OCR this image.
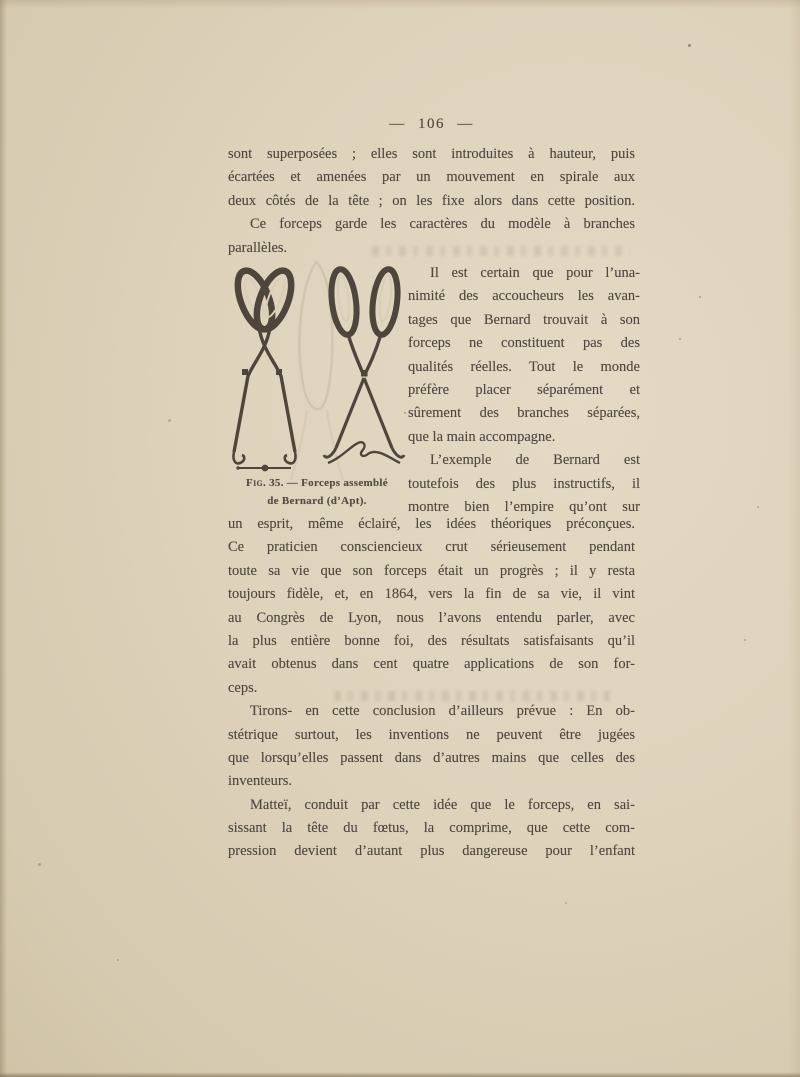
— 106 —
sont superposées ; elles sont introduites à hauteur, puis
écartées et amenées par un mouvement en spirale aux
deux côtés de la tête ; on les fixe alors dans cette position.
Ce forceps garde les caractères du modèle à branches
parallèles.
Fig. 35. — Forceps assemblé
de Bernard (d’Apt).
Il est certain que pour l’una-
nimité des accoucheurs les avan-
tages que Bernard trouvait à son
forceps ne constituent pas des
qualités réelles. Tout le monde
préfère placer séparément et
sûrement des branches séparées,
que la main accompagne.
L’exemple de Bernard est
toutefois des plus instructifs, il
montre bien l’empire qu’ont sur
un esprit, même éclairé, les idées théoriques préconçues.
Ce praticien consciencieux crut sérieusement pendant
toute sa vie que son forceps était un progrès ; il y resta
toujours fidèle, et, en 1864, vers la fin de sa vie, il vint
au Congrès de Lyon, nous l’avons entendu parler, avec
la plus entière bonne foi, des résultats satisfaisants qu’il
avait obtenus dans cent quatre applications de son for-
ceps.
Tirons- en cette conclusion d’ailleurs prévue : En ob-
stétrique surtout, les inventions ne peuvent être jugées
que lorsqu’elles passent dans d’autres mains que celles des
inventeurs.
Matteï, conduit par cette idée que le forceps, en sai-
sissant la tête du fœtus, la comprime, que cette com-
pression devient d’autant plus dangereuse pour l’enfant
